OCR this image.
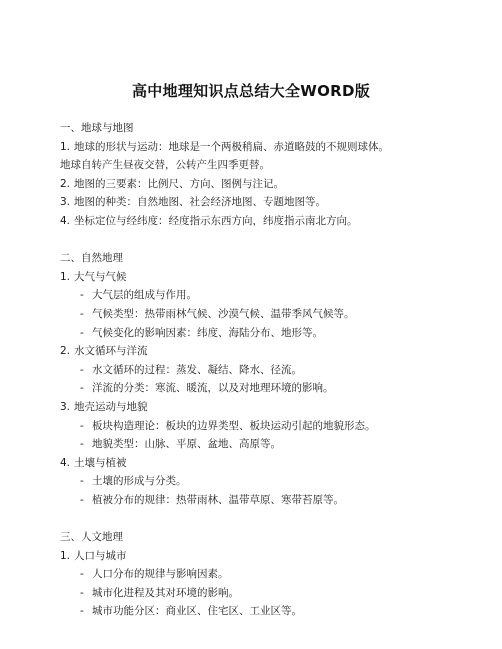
高中地理知识点总结大全WORD版
一、地球与地图
1. 地球的形状与运动：地球是一个两极稍扁、赤道略鼓的不规则球体。
地球自转产生昼夜交替，公转产生四季更替。
2. 地图的三要素：比例尺、方向、图例与注记。
3. 地图的种类：自然地图、社会经济地图、专题地图等。
4. 坐标定位与经纬度：经度指示东西方向，纬度指示南北方向。
二、自然地理
1. 大气与气候
- 大气层的组成与作用。
- 气候类型：热带雨林气候、沙漠气候、温带季风气候等。
- 气候变化的影响因素：纬度、海陆分布、地形等。
2. 水文循环与洋流
- 水文循环的过程：蒸发、凝结、降水、径流。
- 洋流的分类：寒流、暖流，以及对地理环境的影响。
3. 地壳运动与地貌
- 板块构造理论：板块的边界类型、板块运动引起的地貌形态。
- 地貌类型：山脉、平原、盆地、高原等。
4. 土壤与植被
- 土壤的形成与分类。
- 植被分布的规律：热带雨林、温带草原、寒带苔原等。
三、人文地理
1. 人口与城市
- 人口分布的规律与影响因素。
- 城市化进程及其对环境的影响。
- 城市功能分区：商业区、住宅区、工业区等。
